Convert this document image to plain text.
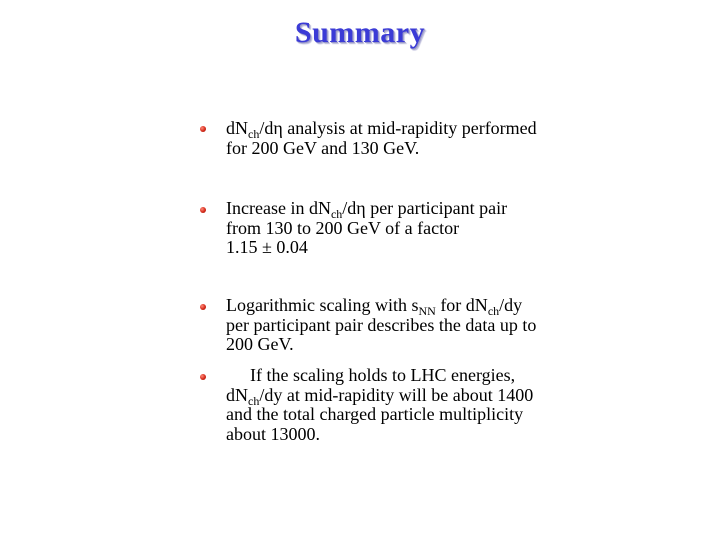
Summary
$dN_{ch}/d\eta$ analysis at mid-rapidity performed
for 200 GeV and 130 GeV.
Increase in $dN_{ch}/d\eta$ per participant pair
from 130 to 200 GeV of a factor
1.15 ± 0.04
Logarithmic scaling with $s_{NN}$ for $dN_{ch}/dy$
per participant pair describes the data up to
200 GeV.
If the scaling holds to LHC energies,
$dN_{ch}/dy$ at mid-rapidity will be about 1400
and the total charged particle multiplicity
about 13000.
